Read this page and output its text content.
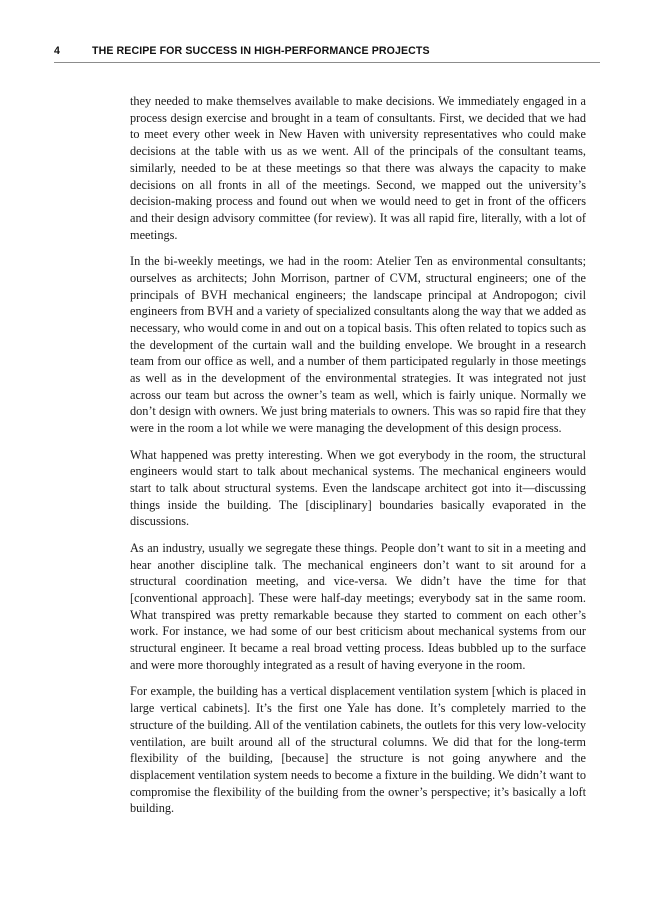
4	THE RECIPE FOR SUCCESS IN HIGH-PERFORMANCE PROJECTS

they needed to make themselves available to make decisions. We immediately engaged in a process design exercise and brought in a team of consultants. First, we decided that we had to meet every other week in New Haven with university representatives who could make decisions at the table with us as we went. All of the principals of the consultant teams, similarly, needed to be at these meetings so that there was always the capacity to make decisions on all fronts in all of the meetings. Second, we mapped out the university’s decision-making process and found out when we would need to get in front of the officers and their design advisory committee (for review). It was all rapid fire, literally, with a lot of meetings.

In the bi-weekly meetings, we had in the room: Atelier Ten as environmental consultants; ourselves as architects; John Morrison, partner of CVM, structural engineers; one of the principals of BVH mechanical engineers; the landscape principal at Andropogon; civil engineers from BVH and a variety of specialized consultants along the way that we added as necessary, who would come in and out on a topical basis. This often related to topics such as the development of the curtain wall and the building envelope. We brought in a research team from our office as well, and a number of them participated regularly in those meetings as well as in the development of the environmental strategies. It was integrated not just across our team but across the owner’s team as well, which is fairly unique. Normally we don’t design with owners. We just bring materials to owners. This was so rapid fire that they were in the room a lot while we were managing the development of this design process.

What happened was pretty interesting. When we got everybody in the room, the structural engineers would start to talk about mechanical systems. The mechanical engineers would start to talk about structural systems. Even the landscape architect got into it—discussing things inside the building. The [disciplinary] boundaries basically evaporated in the discussions.

As an industry, usually we segregate these things. People don’t want to sit in a meeting and hear another discipline talk. The mechanical engineers don’t want to sit around for a structural coordination meeting, and vice-versa. We didn’t have the time for that [conventional approach]. These were half-day meetings; everybody sat in the same room. What transpired was pretty remarkable because they started to comment on each other’s work. For instance, we had some of our best criticism about mechanical systems from our structural engineer. It became a real broad vetting process. Ideas bubbled up to the surface and were more thoroughly integrated as a result of having everyone in the room.

For example, the building has a vertical displacement ventilation system [which is placed in large vertical cabinets]. It’s the first one Yale has done. It’s completely married to the structure of the building. All of the ventilation cabinets, the outlets for this very low-velocity ventilation, are built around all of the structural columns. We did that for the long-term flexibility of the building, [because] the structure is not going anywhere and the displacement ventilation system needs to become a fixture in the building. We didn’t want to compromise the flexibility of the building from the owner’s perspective; it’s basically a loft building.
